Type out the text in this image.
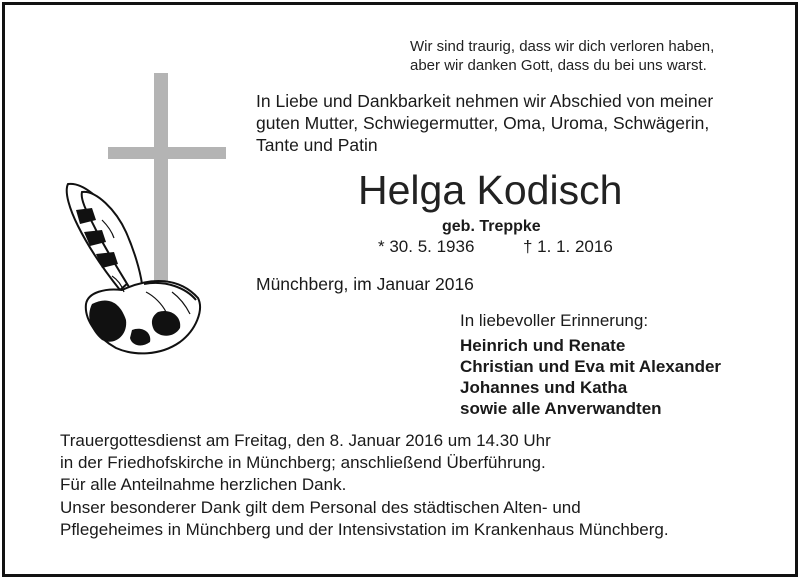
Wir sind traurig, dass wir dich verloren haben,
aber wir danken Gott, dass du bei uns warst.
In Liebe und Dankbarkeit nehmen wir Abschied von meiner
guten Mutter, Schwiegermutter, Oma, Uroma, Schwägerin,
Tante und Patin
Helga Kodisch
geb. Treppke
* 30. 5. 1936	† 1. 1. 2016
Münchberg, im Januar 2016
In liebevoller Erinnerung:
Heinrich und Renate
Christian und Eva mit Alexander
Johannes und Katha
sowie alle Anverwandten
Trauergottesdienst am Freitag, den 8. Januar 2016 um 14.30 Uhr
in der Friedhofskirche in Münchberg; anschließend Überführung.
Für alle Anteilnahme herzlichen Dank.
Unser besonderer Dank gilt dem Personal des städtischen Alten- und
Pflegeheimes in Münchberg und der Intensivstation im Krankenhaus Münchberg.
